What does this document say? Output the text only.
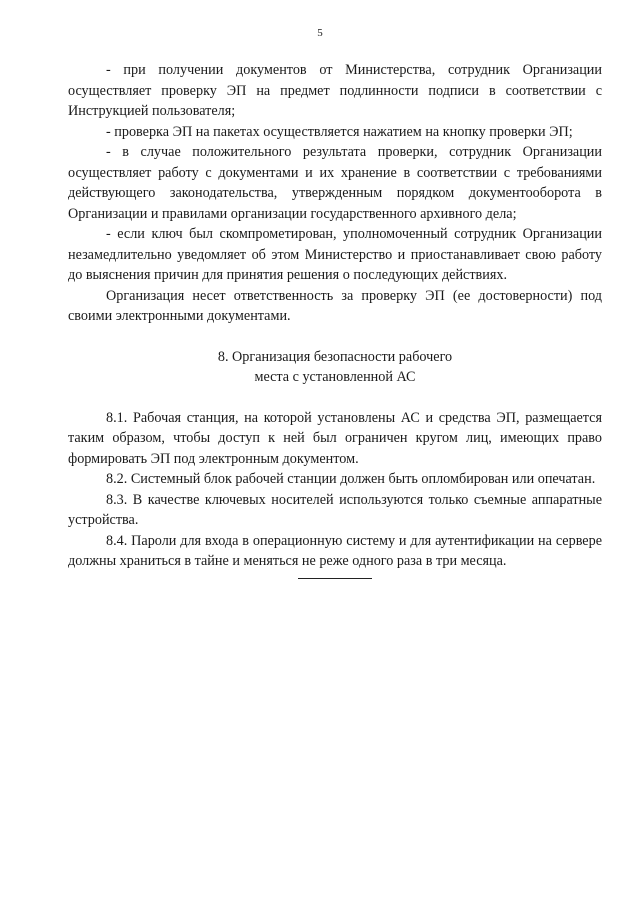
5

- при получении документов от Министерства, сотрудник Организации осуществляет проверку ЭП на предмет подлинности подписи в соответствии с Инструкцией пользователя;

- проверка ЭП на пакетах осуществляется нажатием на кнопку проверки ЭП;

- в случае положительного результата проверки, сотрудник Организации осуществляет работу с документами и их хранение в соответствии с требованиями действующего законодательства, утвержденным порядком документооборота в Организации и правилами организации государственного архивного дела;

- если ключ был скомпрометирован, уполномоченный сотрудник Организации незамедлительно уведомляет об этом Министерство и приостанавливает свою работу до выяснения причин для принятия решения о последующих действиях.

Организация несет ответственность за проверку ЭП (ее достоверности) под своими электронными документами.

8. Организация безопасности рабочего
места с установленной АС

8.1. Рабочая станция, на которой установлены АС и средства ЭП, размещается таким образом, чтобы доступ к ней был ограничен кругом лиц, имеющих право формировать ЭП под электронным документом.

8.2. Системный блок рабочей станции должен быть опломбирован или опечатан.

8.3. В качестве ключевых носителей используются только съемные аппаратные устройства.

8.4. Пароли для входа в операционную систему и для аутентификации на сервере должны храниться в тайне и меняться не реже одного раза в три месяца.
